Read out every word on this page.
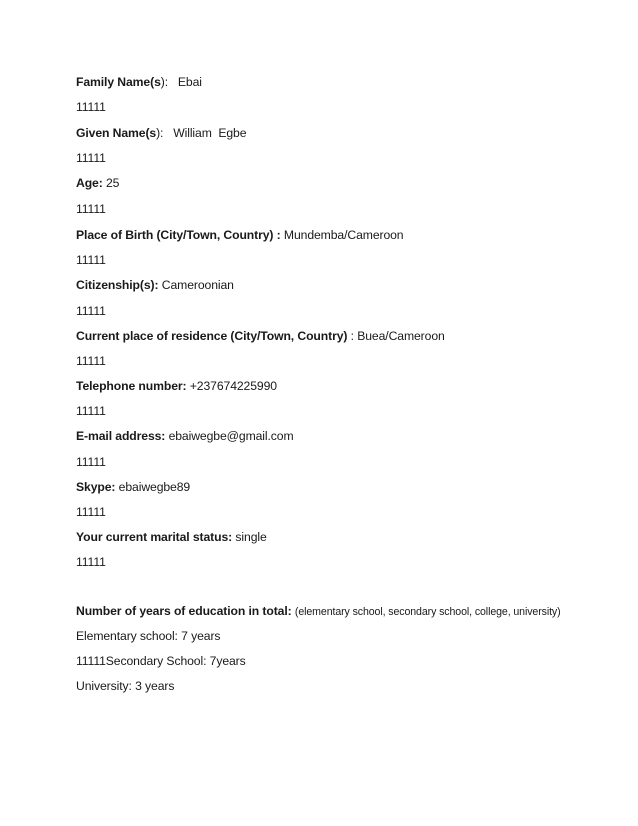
Family Name(s): Ebai
11111
Given Name(s): William  Egbe
11111
Age: 25
11111
Place of Birth (City/Town, Country) : Mundemba/Cameroon
11111
Citizenship(s): Cameroonian
11111
Current place of residence (City/Town, Country) : Buea/Cameroon
11111
Telephone number: +237674225990
11111
E-mail address: ebaiwegbe@gmail.com
11111
Skype: ebaiwegbe89
11111
Your current marital status: single
11111
Number of years of education in total: (elementary school, secondary school, college, university)
Elementary school: 7 years
11111Secondary School: 7years
University: 3 years
